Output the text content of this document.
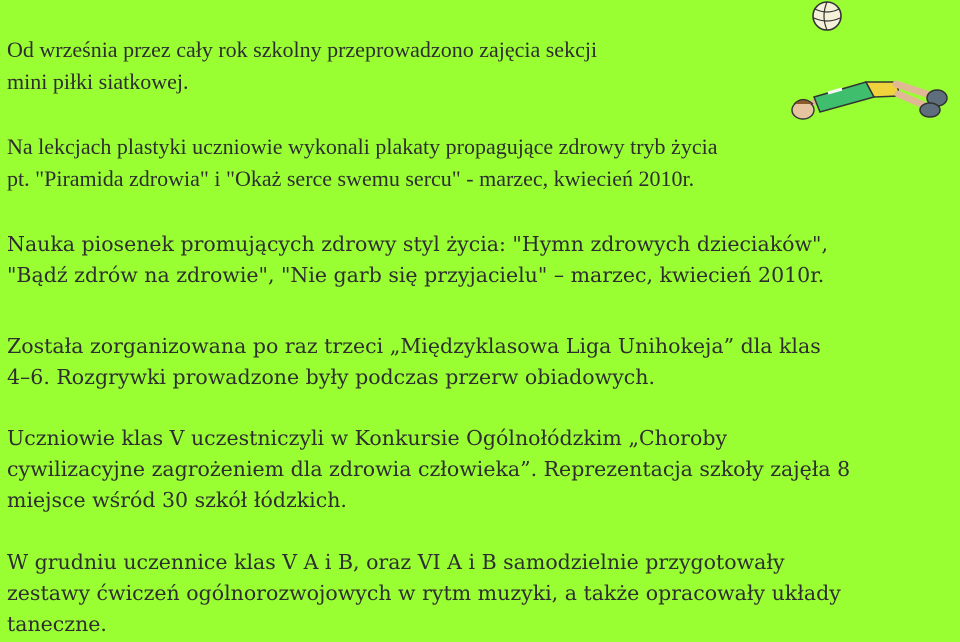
Od września przez cały rok szkolny przeprowadzono zajęcia sekcji
mini piłki siatkowej.

Na lekcjach plastyki uczniowie wykonali plakaty propagujące zdrowy tryb życia
pt. "Piramida zdrowia" i "Okaż serce swemu sercu" - marzec, kwiecień 2010r.

Nauka piosenek promujących zdrowy styl życia: "Hymn zdrowych dzieciaków",
"Bądź zdrów na zdrowie", "Nie garb się przyjacielu" – marzec, kwiecień 2010r.

Została zorganizowana po raz trzeci „Międzyklasowa Liga Unihokeja” dla klas
4–6. Rozgrywki prowadzone były podczas przerw obiadowych.

Uczniowie klas V uczestniczyli w Konkursie Ogólnołódzkim „Choroby
cywilizacyjne zagrożeniem dla zdrowia człowieka”. Reprezentacja szkoły zajęła 8
miejsce wśród 30 szkół łódzkich.

W grudniu uczennice klas V A i B, oraz VI A i B samodzielnie przygotowały
zestawy ćwiczeń ogólnorozwojowych w rytm muzyki, a także opracowały układy
taneczne.
